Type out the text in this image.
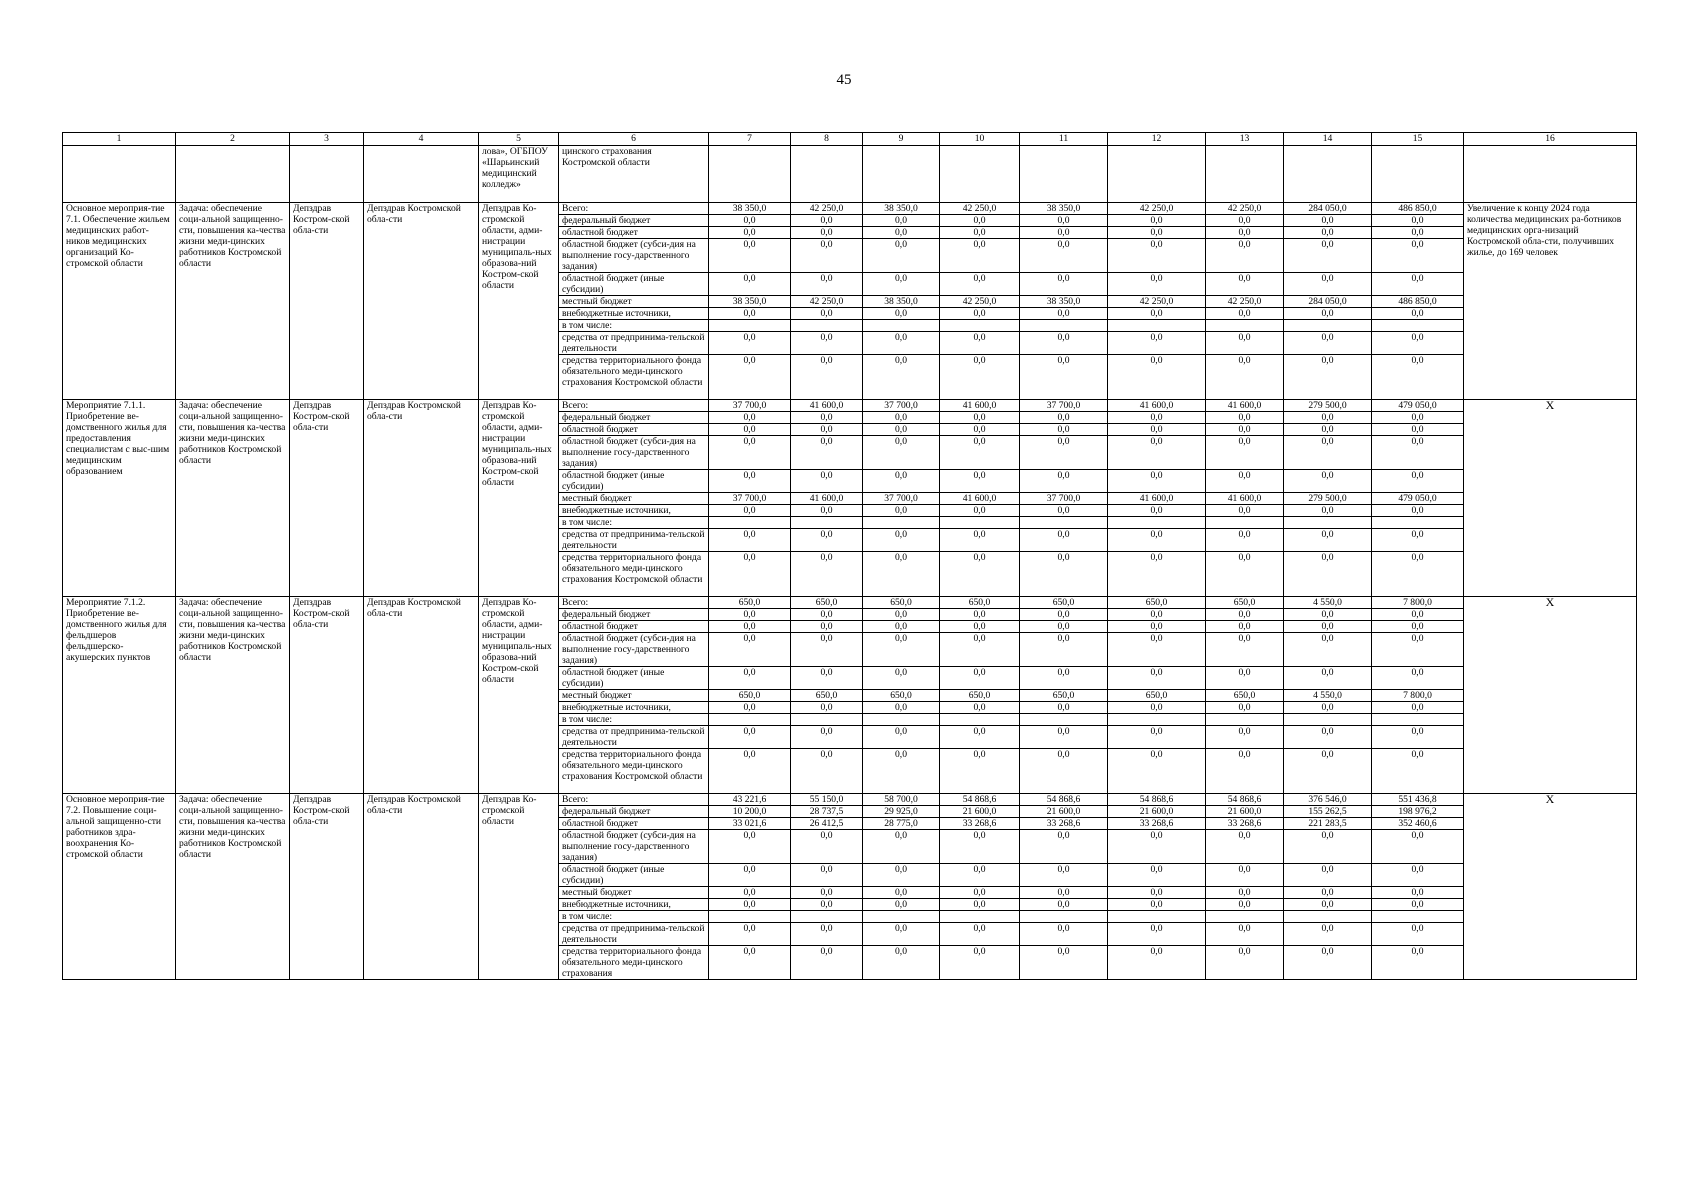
45
1	2	3	4	5	6	7	8	9	10	11	12	13	14	15	16
				лова», ОГБПОУ «Шарьинский медицинский колледж»	цинского страхования Костромской области										
Основное мероприя-тие 7.1. Обеспечение жильем медицинских работ-ников медицинских организаций Ко-стромской области	Задача: обеспечение соци-альной защищенно-сти, повышения ка-чества жизни меди-цинских работников Костромской области	Депздрав Костром-ской обла-сти	Депздрав Костромской обла-сти	Депздрав Ко-стромской области, адми-нистрации муниципаль-ных образова-ний Костром-ской области	Всего:	38 350,0	42 250,0	38 350,0	42 250,0	38 350,0	42 250,0	42 250,0	284 050,0	486 850,0	Увеличение к концу 2024 года количества медицинских ра-ботников медицинских орга-низаций Костромской обла-сти, получивших жилье, до 169 человек
					федеральный бюджет	0,0	0,0	0,0	0,0	0,0	0,0	0,0	0,0	0,0	
					областной бюджет	0,0	0,0	0,0	0,0	0,0	0,0	0,0	0,0	0,0	
					областной бюджет (субси-дия на выполнение госу-дарственного задания)	0,0	0,0	0,0	0,0	0,0	0,0	0,0	0,0	0,0	
					областной бюджет (иные субсидии)	0,0	0,0	0,0	0,0	0,0	0,0	0,0	0,0	0,0	
					местный бюджет	38 350,0	42 250,0	38 350,0	42 250,0	38 350,0	42 250,0	42 250,0	284 050,0	486 850,0	
					внебюджетные источники,	0,0	0,0	0,0	0,0	0,0	0,0	0,0	0,0	0,0	
					в том числе:										
					средства от предпринима-тельской деятельности	0,0	0,0	0,0	0,0	0,0	0,0	0,0	0,0	0,0	
					средства территориального фонда обязательного меди-цинского страхования Костромской области	0,0	0,0	0,0	0,0	0,0	0,0	0,0	0,0	0,0	
Мероприятие 7.1.1. Приобретение ве-домственного жилья для предоставления специалистам с выс-шим медицинским образованием	Задача: обеспечение соци-альной защищенно-сти, повышения ка-чества жизни меди-цинских работников Костромской области	Депздрав Костром-ской обла-сти	Депздрав Костромской обла-сти	Депздрав Ко-стромской области, адми-нистрации муниципаль-ных образова-ний Костром-ской области	Всего:	37 700,0	41 600,0	37 700,0	41 600,0	37 700,0	41 600,0	41 600,0	279 500,0	479 050,0	Х
					федеральный бюджет	0,0	0,0	0,0	0,0	0,0	0,0	0,0	0,0	0,0	
					областной бюджет	0,0	0,0	0,0	0,0	0,0	0,0	0,0	0,0	0,0	
					областной бюджет (субси-дия на выполнение госу-дарственного задания)	0,0	0,0	0,0	0,0	0,0	0,0	0,0	0,0	0,0	
					областной бюджет (иные субсидии)	0,0	0,0	0,0	0,0	0,0	0,0	0,0	0,0	0,0	
					местный бюджет	37 700,0	41 600,0	37 700,0	41 600,0	37 700,0	41 600,0	41 600,0	279 500,0	479 050,0	
					внебюджетные источники,	0,0	0,0	0,0	0,0	0,0	0,0	0,0	0,0	0,0	
					в том числе:										
					средства от предпринима-тельской деятельности	0,0	0,0	0,0	0,0	0,0	0,0	0,0	0,0	0,0	
					средства территориального фонда обязательного меди-цинского страхования Костромской области	0,0	0,0	0,0	0,0	0,0	0,0	0,0	0,0	0,0	
Мероприятие 7.1.2. Приобретение ве-домственного жилья для фельдшеров фельдшерско-акушерских пунктов	Задача: обеспечение соци-альной защищенно-сти, повышения ка-чества жизни меди-цинских работников Костромской области	Депздрав Костром-ской обла-сти	Депздрав Костромской обла-сти	Депздрав Ко-стромской области, адми-нистрации муниципаль-ных образова-ний Костром-ской области	Всего:	650,0	650,0	650,0	650,0	650,0	650,0	650,0	4 550,0	7 800,0	Х
					федеральный бюджет	0,0	0,0	0,0	0,0	0,0	0,0	0,0	0,0	0,0	
					областной бюджет	0,0	0,0	0,0	0,0	0,0	0,0	0,0	0,0	0,0	
					областной бюджет (субси-дия на выполнение госу-дарственного задания)	0,0	0,0	0,0	0,0	0,0	0,0	0,0	0,0	0,0	
					областной бюджет (иные субсидии)	0,0	0,0	0,0	0,0	0,0	0,0	0,0	0,0	0,0	
					местный бюджет	650,0	650,0	650,0	650,0	650,0	650,0	650,0	4 550,0	7 800,0	
					внебюджетные источники,	0,0	0,0	0,0	0,0	0,0	0,0	0,0	0,0	0,0	
					в том числе:										
					средства от предпринима-тельской деятельности	0,0	0,0	0,0	0,0	0,0	0,0	0,0	0,0	0,0	
					средства территориального фонда обязательного меди-цинского страхования Костромской области	0,0	0,0	0,0	0,0	0,0	0,0	0,0	0,0	0,0	
Основное мероприя-тие 7.2. Повышение соци-альной защищенно-сти работников здра-воохранения Ко-стромской области	Задача: обеспечение соци-альной защищенно-сти, повышения ка-чества жизни меди-цинских работников Костромской области	Депздрав Костром-ской обла-сти	Депздрав Костромской обла-сти	Депздрав Ко-стромской области	Всего:	43 221,6	55 150,0	58 700,0	54 868,6	54 868,6	54 868,6	54 868,6	376 546,0	551 436,8	Х
					федеральный бюджет	10 200,0	28 737,5	29 925,0	21 600,0	21 600,0	21 600,0	21 600,0	155 262,5	198 976,2	
					областной бюджет	33 021,6	26 412,5	28 775,0	33 268,6	33 268,6	33 268,6	33 268,6	221 283,5	352 460,6	
					областной бюджет (субси-дия на выполнение госу-дарственного задания)	0,0	0,0	0,0	0,0	0,0	0,0	0,0	0,0	0,0	
					областной бюджет (иные субсидии)	0,0	0,0	0,0	0,0	0,0	0,0	0,0	0,0	0,0	
					местный бюджет	0,0	0,0	0,0	0,0	0,0	0,0	0,0	0,0	0,0	
					внебюджетные источники,	0,0	0,0	0,0	0,0	0,0	0,0	0,0	0,0	0,0	
					в том числе:										
					средства от предпринима-тельской деятельности	0,0	0,0	0,0	0,0	0,0	0,0	0,0	0,0	0,0	
					средства территориального фонда обязательного меди-цинского страхования	0,0	0,0	0,0	0,0	0,0	0,0	0,0	0,0	0,0	
